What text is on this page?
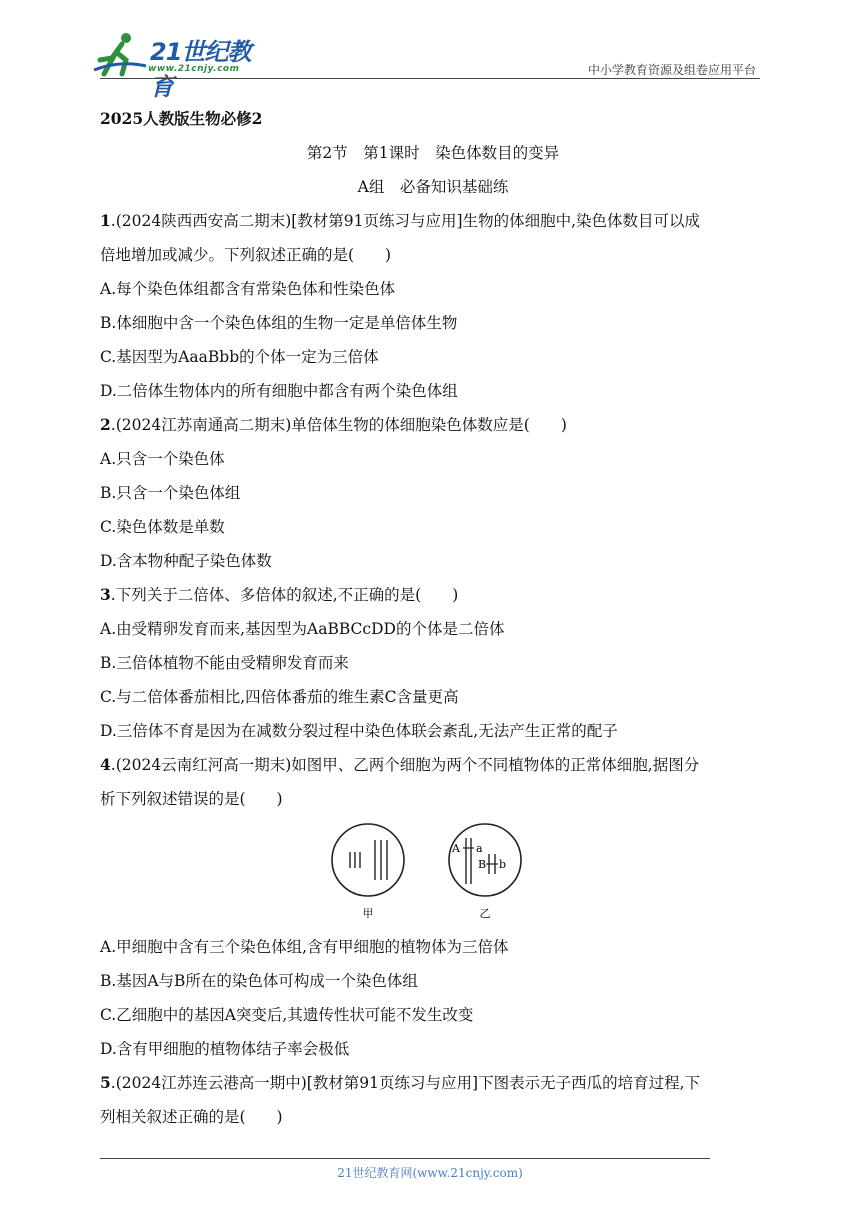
21世纪教育
www.21cnjy.com	中小学教育资源及组卷应用平台
2025人教版生物必修2
第2节　第1课时　染色体数目的变异
A组　必备知识基础练
1.(2024陕西西安高二期末)[教材第91页练习与应用]生物的体细胞中,染色体数目可以成
倍地增加或减少。下列叙述正确的是(　　)
A.每个染色体组都含有常染色体和性染色体
B.体细胞中含一个染色体组的生物一定是单倍体生物
C.基因型为AaaBbb的个体一定为三倍体
D.二倍体生物体内的所有细胞中都含有两个染色体组
2.(2024江苏南通高二期末)单倍体生物的体细胞染色体数应是(　　)
A.只含一个染色体
B.只含一个染色体组
C.染色体数是单数
D.含本物种配子染色体数
3.下列关于二倍体、多倍体的叙述,不正确的是(　　)
A.由受精卵发育而来,基因型为AaBBCcDD的个体是二倍体
B.三倍体植物不能由受精卵发育而来
C.与二倍体番茄相比,四倍体番茄的维生素C含量更高
D.三倍体不育是因为在减数分裂过程中染色体联会紊乱,无法产生正常的配子
4.(2024云南红河高一期末)如图甲、乙两个细胞为两个不同植物体的正常体细胞,据图分
析下列叙述错误的是(　　)
甲
A a
B b
乙
A.甲细胞中含有三个染色体组,含有甲细胞的植物体为三倍体
B.基因A与B所在的染色体可构成一个染色体组
C.乙细胞中的基因A突变后,其遗传性状可能不发生改变
D.含有甲细胞的植物体结子率会极低
5.(2024江苏连云港高一期中)[教材第91页练习与应用]下图表示无子西瓜的培育过程,下
列相关叙述正确的是(　　)
21世纪教育网(www.21cnjy.com)
